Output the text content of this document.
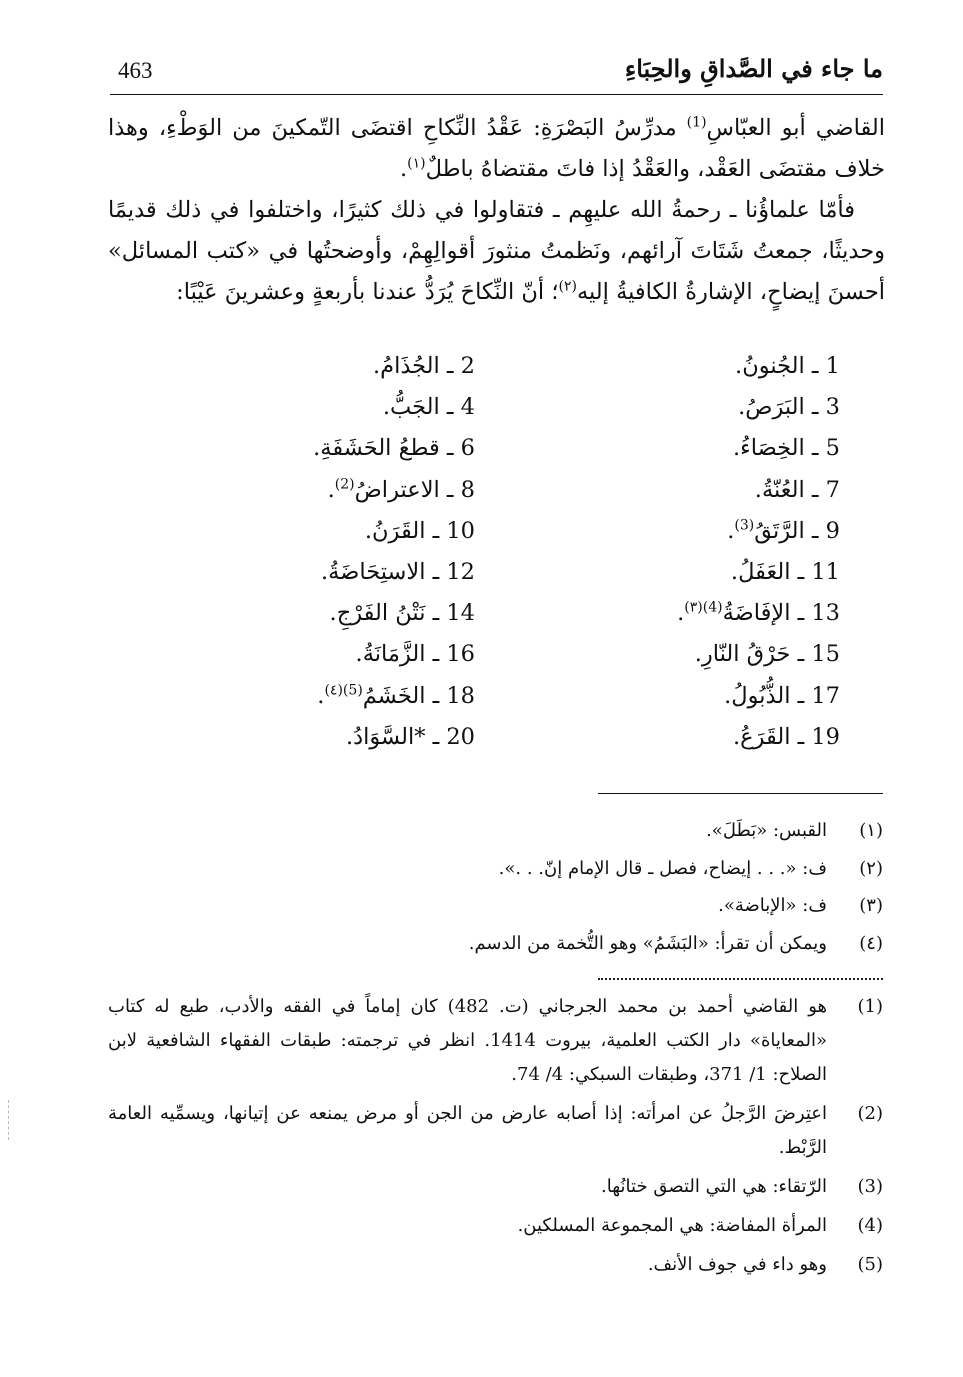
463	ما جاء في الصَّداقِ والحِبَاءِ

القاضي أبو العبّاسِ$^{(1)}$ مدرِّسُ البَصْرَةِ: عَقْدُ النِّكاحِ اقتضَى التّمكينَ من الوَطْءِ، وهذا خلاف مقتضَى العَقْد، والعَقْدُ إذا فاتَ مقتضاهُ باطلٌ$^{(١)}$.

فأمّا علماؤُنا ـ رحمةُ الله عليهِم ـ فتقاولوا في ذلك كثيرًا، واختلفوا في ذلك قديمًا وحديثًا، جمعتُ شَتَاتَ آرائهم، ونَظمتُ منثورَ أقوالِهِمْ، وأوضحتُها في «كتب المسائل» أحسنَ إيضاحٍ، الإشارةُ الكافيةُ إليه$^{(٢)}$؛ أنّ النِّكاحَ يُرَدُّ عندنا بأربعةٍ وعشرينَ عَيْبًا:

1 ـ الجُنونُ.
2 ـ الجُذَامُ.
3 ـ البَرَصُ.
4 ـ الجَبُّ.
5 ـ الخِصَاءُ.
6 ـ قطعُ الحَشَفَةِ.
7 ـ العُنّةُ.
8 ـ الاعتراضُ$^{(2)}$.
9 ـ الرَّتَقُ$^{(3)}$.
10 ـ القَرَنُ.
11 ـ العَفَلُ.
12 ـ الاستِحَاضَةُ.
13 ـ الإفَاضَةُ$^{(4)(٣)}$.
14 ـ نَتْنُ الفَرْجِ.
15 ـ حَرْقُ النّارِ.
16 ـ الزَّمَانَةُ.
17 ـ الذُّبُولُ.
18 ـ الخَشَمُ$^{(5)(٤)}$.
19 ـ القَرَعُ.
20 ـ *السَّوَادُ.
(١)
القبس: «بَطَلَ».
(٢)
ف: «. . . إيضاح، فصل ـ قال الإمام إنّ. . .».
(٣)
ف: «الإباضة».
(٤)
ويمكن أن تقرأ: «البَشَمُ» وهو التُّخمة من الدسم.
(1)
هو القاضي أحمد بن محمد الجرجاني (ت. 482) كان إماماً في الفقه والأدب، طبع له كتاب «المعاياة» دار الكتب العلمية، بيروت 1414. انظر في ترجمته: طبقات الفقهاء الشافعية لابن الصلاح: 1/ 371، وطبقات السبكي: 4/ 74.
(2)
اعتِرضَ الرَّجلُ عن امرأته: إذا أصابه عارض من الجن أو مرض يمنعه عن إتيانها، ويسمِّيه العامة الرَّبْط.
(3)
الرّتقاء: هي التي التصق ختانُها.
(4)
المرأة المفاضة: هي المجموعة المسلكين.
(5)
وهو داء في جوف الأنف.
